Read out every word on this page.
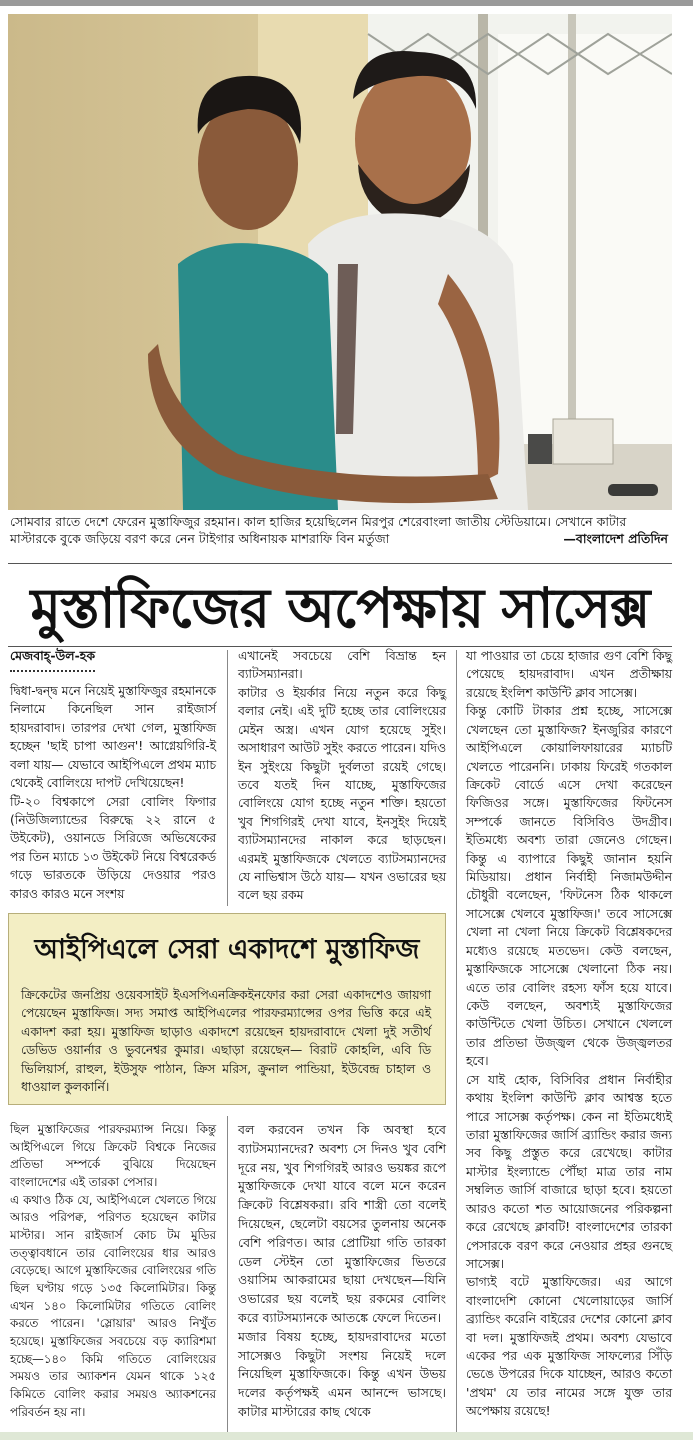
সোমবার রাতে দেশে ফেরেন মুস্তাফিজুর রহমান। কাল হাজির হয়েছিলেন মিরপুর শেরেবাংলা জাতীয় স্টেডিয়ামে। সেখানে কাটার মাস্টারকে বুকে জড়িয়ে বরণ করে নেন টাইগার অধিনায়ক মাশরাফি বিন মর্তুজা	—বাংলাদেশ প্রতিদিন
মুস্তাফিজের অপেক্ষায় সাসেক্স
মেজবাহ্-উল-হক

দ্বিধা-দ্বন্দ্ব মনে নিয়েই মুস্তাফিজুর রহমানকে নিলামে কিনেছিল সান রাইজার্স হায়দরাবাদ। তারপর দেখা গেল, মুস্তাফিজ হচ্ছেন 'ছাই চাপা আগুন'! আগ্নেয়গিরি-ই বলা যায়— যেভাবে আইপিএলে প্রথম ম্যাচ থেকেই বোলিংয়ে দাপট দেখিয়েছেন!

টি-২০ বিশ্বকাপে সেরা বোলিং ফিগার (নিউজিল্যান্ডের বিরুদ্ধে ২২ রানে ৫ উইকেট), ওয়ানডে সিরিজে অভিষেকের পর তিন ম্যাচে ১৩ উইকেট নিয়ে বিশ্বরেকর্ড গড়ে ভারতকে উড়িয়ে দেওয়ার পরও কারও কারও মনে সংশয়

এখানেই সবচেয়ে বেশি বিভ্রান্ত হন ব্যাটসম্যানরা।

কাটার ও ইয়র্কার নিয়ে নতুন করে কিছু বলার নেই। এই দুটি হচ্ছে তার বোলিংয়ের মেইন অস্ত্র। এখন যোগ হয়েছে সুইং। অসাধারণ আউট সুইং করতে পারেন। যদিও ইন সুইংয়ে কিছুটা দুর্বলতা রয়েই গেছে। তবে যতই দিন যাচ্ছে, মুস্তাফিজের বোলিংয়ে যোগ হচ্ছে নতুন শক্তি। হয়তো খুব শিগগিরই দেখা যাবে, ইনসুইং দিয়েই ব্যাটসম্যানদের নাকাল করে ছাড়ছেন। এরমই মুস্তাফিজকে খেলতে ব্যাটসম্যানদের যে নাভিশ্বাস উঠে যায়— যখন ওভারের ছয় বলে ছয় রকম

যা পাওয়ার তা চেয়ে হাজার গুণ বেশি কিছু পেয়েছে হায়দরাবাদ। এখন প্রতীক্ষায় রয়েছে ইংলিশ কাউন্টি ক্লাব সাসেক্স।

কিন্তু কোটি টাকার প্রশ্ন হচ্ছে, সাসেক্সে খেলছেন তো মুস্তাফিজ? ইনজুরির কারণে আইপিএলে কোয়ালিফায়ারের ম্যাচটি খেলতে পারেননি। ঢাকায় ফিরেই গতকাল ক্রিকেট বোর্ডে এসে দেখা করেছেন ফিজিওর সঙ্গে। মুস্তাফিজের ফিটনেস সম্পর্কে জানতে বিসিবিও উদগ্রীব। ইতিমধ্যে অবশ্য তারা জেনেও গেছেন। কিন্তু এ ব্যাপারে কিছুই জানান হয়নি মিডিয়ায়। প্রধান নির্বাহী নিজামউদ্দীন চৌধুরী বলেছেন, 'ফিটনেস ঠিক থাকলে সাসেক্সে খেলবে মুস্তাফিজ।' তবে সাসেক্সে খেলা না খেলা নিয়ে ক্রিকেট বিশ্লেষকদের মধ্যেও রয়েছে মতভেদ। কেউ বলছেন, মুস্তাফিজকে সাসেক্সে খেলানো ঠিক নয়। এতে তার বোলিং রহস্য ফাঁস হয়ে যাবে। কেউ বলছেন, অবশ্যই মুস্তাফিজের কাউন্টিতে খেলা উচিত। সেখানে খেললে তার প্রতিভা উজ্জ্বল থেকে উজ্জ্বলতর হবে।

সে যাই হোক, বিসিবির প্রধান নির্বাহীর কথায় ইংলিশ কাউন্টি ক্লাব আশ্বস্ত হতে পারে সাসেক্স কর্তৃপক্ষ। কেন না ইতিমধ্যেই তারা মুস্তাফিজের জার্সি ব্র্যান্ডিং করার জন্য সব কিছু প্রস্তুত করে রেখেছে। কাটার মাস্টার ইংল্যান্ডে পৌঁছা মাত্র তার নাম সম্বলিত জার্সি বাজারে ছাড়া হবে। হয়তো আরও কতো শত আয়োজনের পরিকল্পনা করে রেখেছে ক্লাবটি! বাংলাদেশের তারকা পেসারকে বরণ করে নেওয়ার প্রহর গুনছে সাসেক্স।

ভাগ্যই বটে মুস্তাফিজের। এর আগে বাংলাদেশি কোনো খেলোয়াড়ের জার্সি ব্র্যান্ডিং করেনি বাইরের দেশের কোনো ক্লাব বা দল। মুস্তাফিজই প্রথম। অবশ্য যেভাবে একের পর এক মুস্তাফিজ সাফল্যের সিঁড়ি ভেঙে উপরের দিকে যাচ্ছেন, আরও কতো 'প্রথম' যে তার নামের সঙ্গে যুক্ত তার অপেক্ষায় রয়েছে!

আইপিএলে সেরা একাদশে মুস্তাফিজ
ক্রিকেটের জনপ্রিয় ওয়েবসাইট ইএসপিএনক্রিকইনফোর করা সেরা একাদশেও জায়গা পেয়েছেন মুস্তাফিজ। সদ্য সমাপ্ত আইপিএলের পারফরম্যান্সের ওপর ভিত্তি করে এই একাদশ করা হয়। মুস্তাফিজ ছাড়াও একাদশে রয়েছেন হায়দরাবাদে খেলা দুই সতীর্থ ডেভিড ওয়ার্নার ও ভুবনেশ্বর কুমার। এছাড়া রয়েছেন— বিরাট কোহলি, এবি ডি ভিলিয়ার্স, রাহুল, ইউসুফ পাঠান, ক্রিস মরিস, ক্রুনাল পান্ডিয়া, ইউবেন্দ্র চাহাল ও ধাওয়াল কুলকার্নি।

ছিল মুস্তাফিজের পারফরম্যান্স নিয়ে। কিন্তু আইপিএলে গিয়ে ক্রিকেট বিশ্বকে নিজের প্রতিভা সম্পর্কে বুঝিয়ে দিয়েছেন বাংলাদেশের এই তারকা পেসার।

এ কথাও ঠিক যে, আইপিএলে খেলতে গিয়ে আরও পরিপক্ব, পরিণত হয়েছেন কাটার মাস্টার। সান রাইজার্স কোচ টম মুডির তত্ত্বাবধানে তার বোলিংয়ের ধার আরও বেড়েছে। আগে মুস্তাফিজের বোলিংয়ের গতি ছিল ঘণ্টায় গড়ে ১৩৫ কিলোমিটার। কিন্তু এখন ১৪০ কিলোমিটার গতিতে বোলিং করতে পারেন। 'স্লোয়ার' আরও নিখুঁত হয়েছে। মুস্তাফিজের সবচেয়ে বড় ক্যারিশমা হচ্ছে—১৪০ কিমি গতিতে বোলিংয়ের সময়ও তার অ্যাকশন যেমন থাকে ১২৫ কিমিতে বোলিং করার সময়ও অ্যাকশনের পরিবর্তন হয় না।

বল করবেন তখন কি অবস্থা হবে ব্যাটসম্যানদের? অবশ্য সে দিনও খুব বেশি দূরে নয়, খুব শিগগিরই আরও ভয়ঙ্কর রূপে মুস্তাফিজকে দেখা যাবে বলে মনে করেন ক্রিকেট বিশ্লেষকরা। রবি শাস্ত্রী তো বলেই দিয়েছেন, ছেলেটা বয়সের তুলনায় অনেক বেশি পরিণত। আর প্রোটিয়া গতি তারকা ডেল স্টেইন তো মুস্তাফিজের ভিতরে ওয়াসিম আকরামের ছায়া দেখছেন—যিনি ওভারের ছয় বলেই ছয় রকমের বোলিং করে ব্যাটসম্যানকে আতঙ্কে ফেলে দিতেন।

মজার বিষয় হচ্ছে, হায়দরাবাদের মতো সাসেক্সও কিছুটা সংশয় নিয়েই দলে নিয়েছিল মুস্তাফিজকে। কিন্তু এখন উভয় দলের কর্তৃপক্ষই এমন আনন্দে ভাসছে। কাটার মাস্টারের কাছ থেকে
